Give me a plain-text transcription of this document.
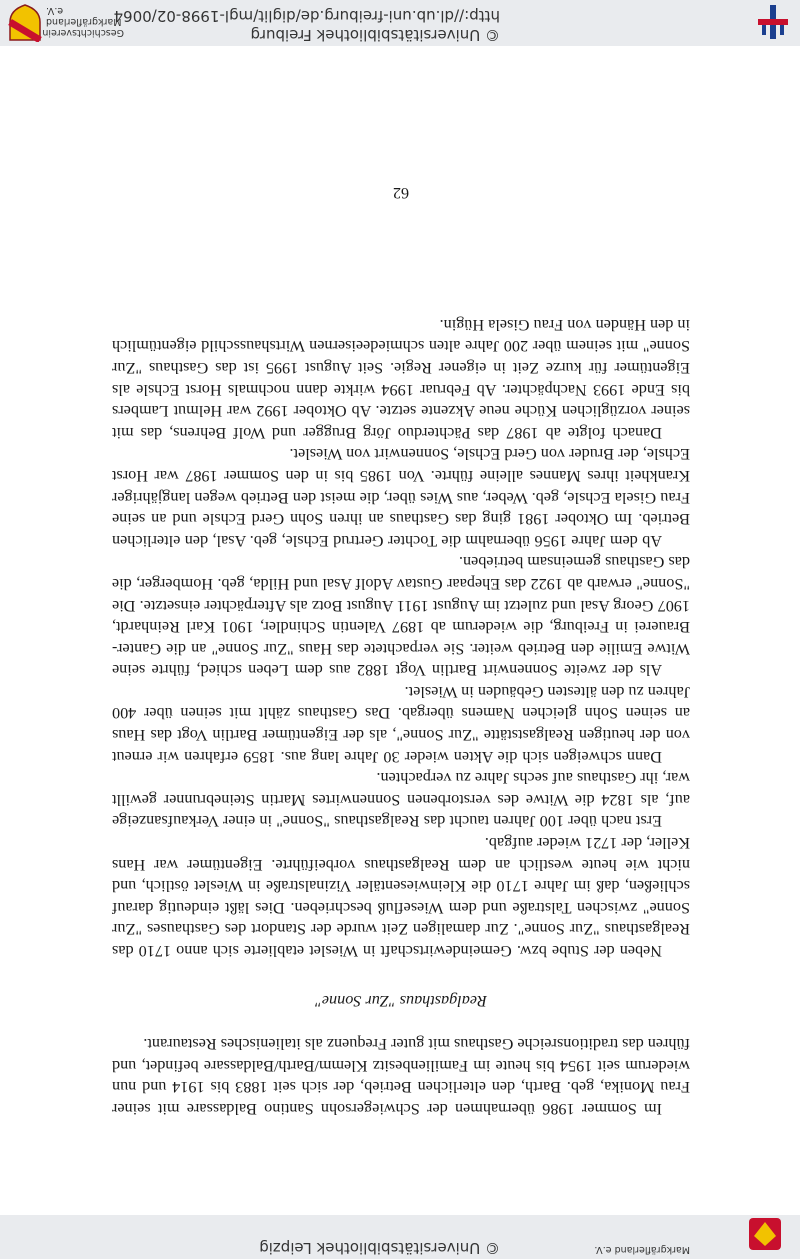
© Universitätsbibliothek Leipzig	Markgräflerland e.V.

Im Sommer 1986 übernahmen der Schwiegersohn Santino Baldassare mit seiner Frau Monika, geb. Barth, den elterlichen Betrieb, der sich seit 1883 bis 1914 und nun wiederum seit 1954 bis heute im Familienbesitz Klemm/Barth/Baldassare befindet, und führen das traditionsreiche Gasthaus mit guter Frequenz als italienisches Restaurant.

Realgasthaus "Zur Sonne"

Neben der Stube bzw. Gemeindewirtschaft in Wieslet etablierte sich anno 1710 das Realgasthaus "Zur Sonne". Zur damaligen Zeit wurde der Standort des Gasthauses "Zur Sonne" zwischen Talstraße und dem Wiesefluß beschrieben. Dies läßt eindeutig darauf schließen, daß im Jahre 1710 die Kleinwiesentäler Vizinalstraße in Wieslet östlich, und nicht wie heute westlich an dem Realgasthaus vorbeiführte. Eigentümer war Hans Keller, der 1721 wieder aufgab.

Erst nach über 100 Jahren taucht das Realgasthaus "Sonne" in einer Verkaufsanzeige auf, als 1824 die Witwe des verstorbenen Sonnenwirtes Martin Steinebrunner gewillt war, ihr Gasthaus auf sechs Jahre zu verpachten.

Dann schweigen sich die Akten wieder 30 Jahre lang aus. 1859 erfahren wir erneut von der heutigen Realgaststätte "Zur Sonne", als der Eigentümer Bartlin Vogt das Haus an seinen Sohn gleichen Namens übergab. Das Gasthaus zählt mit seinen über 400 Jahren zu den ältesten Gebäuden in Wieslet.

Als der zweite Sonnenwirt Bartlin Vogt 1882 aus dem Leben schied, führte seine Witwe Emilie den Betrieb weiter. Sie verpachtete das Haus "Zur Sonne" an die Ganter-Brauerei in Freiburg, die wiederum ab 1897 Valentin Schindler, 1901 Karl Reinhardt, 1907 Georg Asal und zuletzt im August 1911 August Botz als Afterpächter einsetzte. Die "Sonne" erwarb ab 1922 das Ehepaar Gustav Adolf Asal und Hilda, geb. Homberger, die das Gasthaus gemeinsam betrieben.

Ab dem Jahre 1956 übernahm die Tochter Gertrud Echsle, geb. Asal, den elterlichen Betrieb. Im Oktober 1981 ging das Gasthaus an ihren Sohn Gerd Echsle und an seine Frau Gisela Echsle, geb. Weber, aus Wies über, die meist den Betrieb wegen langjähriger Krankheit ihres Mannes alleine führte. Von 1985 bis in den Sommer 1987 war Horst Echsle, der Bruder von Gerd Echsle, Sonnenwirt von Wieslet.

Danach folgte ab 1987 das Pächterduo Jörg Brugger und Wolf Behrens, das mit seiner vorzüglichen Küche neue Akzente setzte. Ab Oktober 1992 war Helmut Lambers bis Ende 1993 Nachpächter. Ab Februar 1994 wirkte dann nochmals Horst Echsle als Eigentümer für kurze Zeit in eigener Regie. Seit August 1995 ist das Gasthaus "Zur Sonne" mit seinem über 200 Jahre alten schmiedeeisernen Wirtshausschild eigentümlich in den Händen von Frau Gisela Hügin.

62

© Universitätsbibliothek Freiburg
http://dl.ub.uni-freiburg.de/diglit/mgl-1998-02/0064
Geschichtsverein
Markgräflerland e.V.
